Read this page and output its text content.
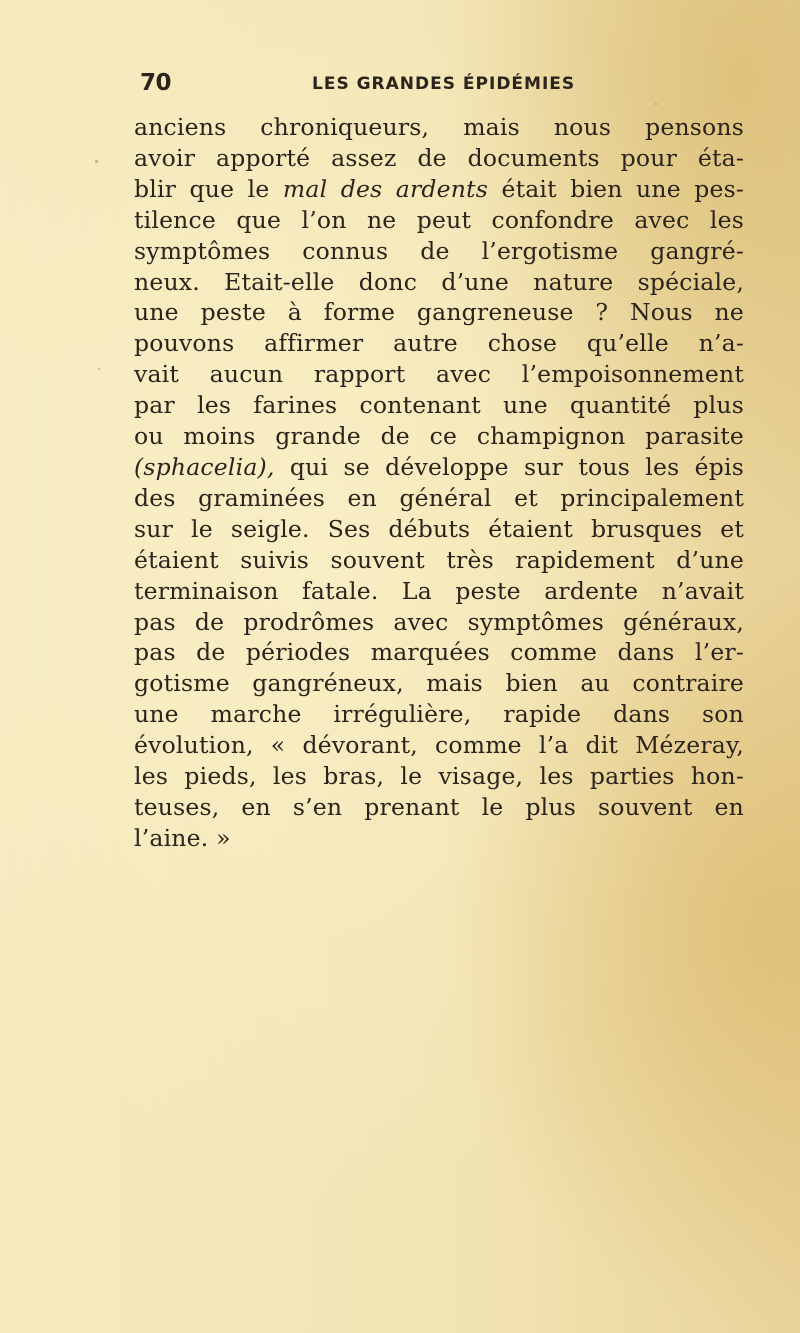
70	LES GRANDES ÉPIDÉMIES
anciens chroniqueurs, mais nous pensons
avoir apporté assez de documents pour éta-
blir que le mal des ardents était bien une pes-
tilence que l’on ne peut confondre avec les
symptômes connus de l’ergotisme gangré-
neux. Etait-elle donc d’une nature spéciale,
une peste à forme gangreneuse ? Nous ne
pouvons affirmer autre chose qu’elle n’a-
vait aucun rapport avec l’empoisonnement
par les farines contenant une quantité plus
ou moins grande de ce champignon parasite
(sphacelia), qui se développe sur tous les épis
des graminées en général et principalement
sur le seigle. Ses débuts étaient brusques et
étaient suivis souvent très rapidement d’une
terminaison fatale. La peste ardente n’avait
pas de prodrômes avec symptômes généraux,
pas de périodes marquées comme dans l’er-
gotisme gangréneux, mais bien au contraire
une marche irrégulière, rapide dans son
évolution, « dévorant, comme l’a dit Mézeray,
les pieds, les bras, le visage, les parties hon-
teuses, en s’en prenant le plus souvent en
l’aine. »
